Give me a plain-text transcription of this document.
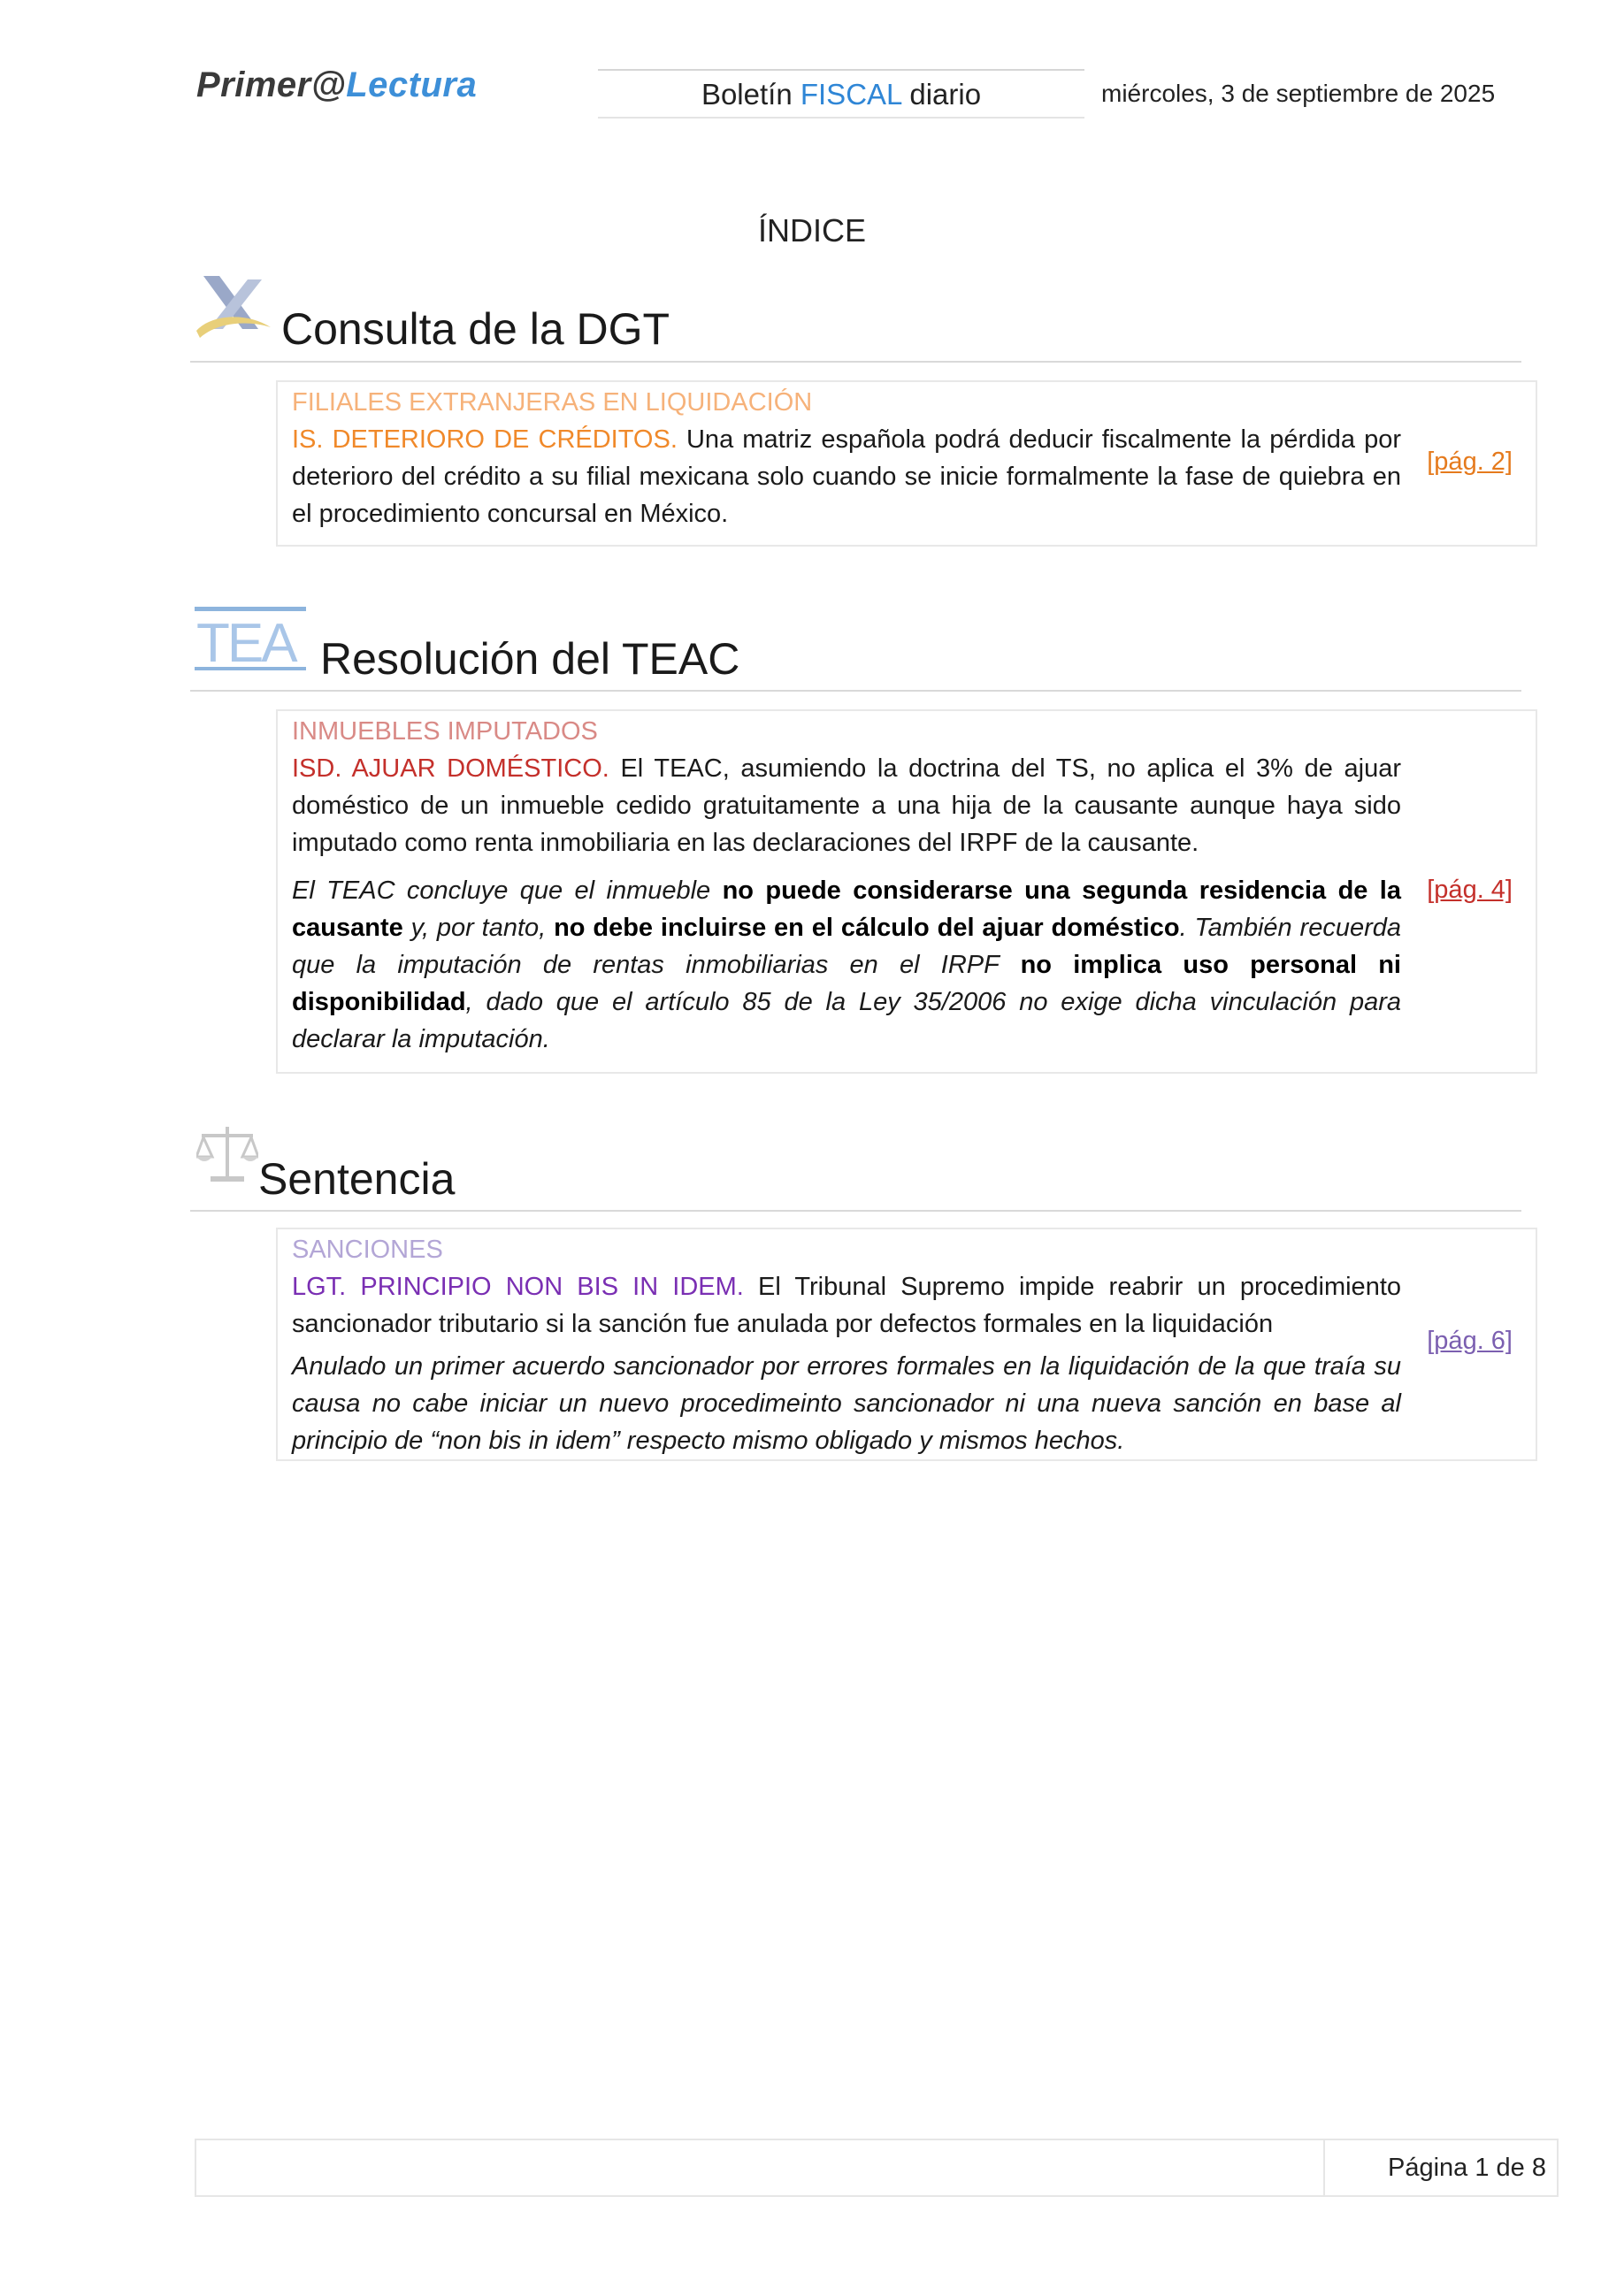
Primer@Lectura	Boletín FISCAL diario	miércoles, 3 de septiembre de 2025
ÍNDICE
Consulta de la DGT
FILIALES EXTRANJERAS EN LIQUIDACIÓN
IS. DETERIORO DE CRÉDITOS. Una matriz española podrá deducir fiscalmente la pérdida por deterioro del crédito a su filial mexicana solo cuando se inicie formalmente la fase de quiebra en el procedimiento concursal en México.
[pág. 2]
TEA Resolución del TEAC
INMUEBLES IMPUTADOS
ISD. AJUAR DOMÉSTICO. El TEAC, asumiendo la doctrina del TS, no aplica el 3% de ajuar doméstico de un inmueble cedido gratuitamente a una hija de la causante aunque haya sido imputado como renta inmobiliaria en las declaraciones del IRPF de la causante.
El TEAC concluye que el inmueble no puede considerarse una segunda residencia de la causante y, por tanto, no debe incluirse en el cálculo del ajuar doméstico. También recuerda que la imputación de rentas inmobiliarias en el IRPF no implica uso personal ni disponibilidad, dado que el artículo 85 de la Ley 35/2006 no exige dicha vinculación para declarar la imputación.
[pág. 4]
Sentencia
SANCIONES
LGT. PRINCIPIO NON BIS IN IDEM. El Tribunal Supremo impide reabrir un procedimiento sancionador tributario si la sanción fue anulada por defectos formales en la liquidación
Anulado un primer acuerdo sancionador por errores formales en la liquidación de la que traía su causa no cabe iniciar un nuevo procedimeinto sancionador ni una nueva sanción en base al principio de “non bis in idem” respecto mismo obligado y mismos hechos.
[pág. 6]
Página 1 de 8
